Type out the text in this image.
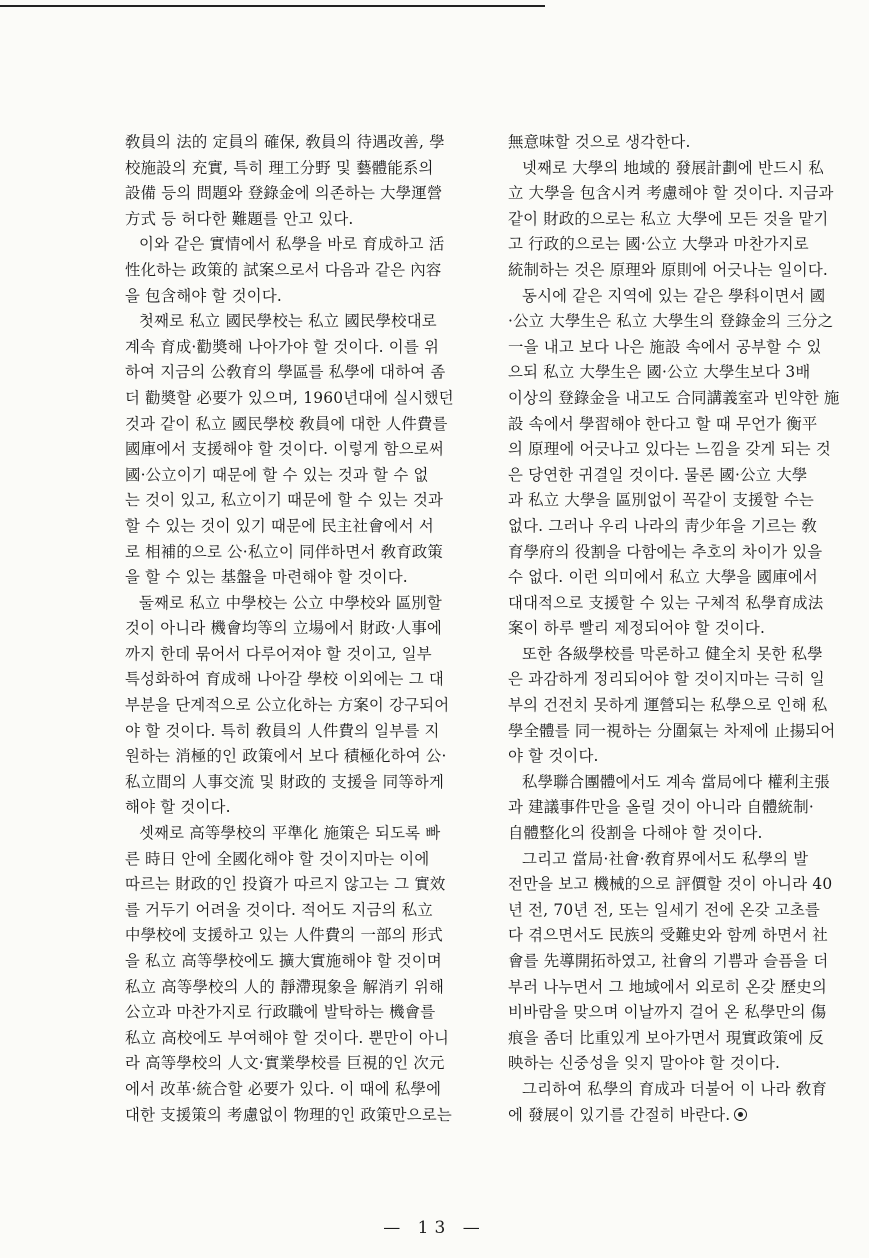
敎員의 法的 定員의 確保, 敎員의 待遇改善, 學
校施設의 充實, 특히 理工分野 및 藝體能系의
設備 등의 問題와 登錄金에 의존하는 大學運營
方式 등 허다한 難題를 안고 있다.
이와 같은 實情에서 私學을 바로 育成하고 活
性化하는 政策的 試案으로서 다음과 같은 內容
을 包含해야 할 것이다.
첫째로 私立 國民學校는 私立 國民學校대로
계속 育成·勸奬해 나아가야 할 것이다. 이를 위
하여 지금의 公敎育의 學區를 私學에 대하여 좀
더 勸奬할 必要가 있으며, 1960년대에 실시했던
것과 같이 私立 國民學校 敎員에 대한 人件費를
國庫에서 支援해야 할 것이다. 이렇게 함으로써
國·公立이기 때문에 할 수 있는 것과 할 수 없
는 것이 있고, 私立이기 때문에 할 수 있는 것과
할 수 있는 것이 있기 때문에 民主社會에서 서
로 相補的으로 公·私立이 同伴하면서 敎育政策
을 할 수 있는 基盤을 마련해야 할 것이다.
둘째로 私立 中學校는 公立 中學校와 區別할
것이 아니라 機會均等의 立場에서 財政·人事에
까지 한데 묶어서 다루어져야 할 것이고, 일부
특성화하여 育成해 나아갈 學校 이외에는 그 대
부분을 단계적으로 公立化하는 方案이 강구되어
야 할 것이다. 특히 敎員의 人件費의 일부를 지
원하는 消極的인 政策에서 보다 積極化하여 公·
私立間의 人事交流 및 財政的 支援을 同等하게
해야 할 것이다.
셋째로 高等學校의 平準化 施策은 되도록 빠
른 時日 안에 全國化해야 할 것이지마는 이에
따르는 財政的인 投資가 따르지 않고는 그 實效
를 거두기 어려울 것이다. 적어도 지금의 私立
中學校에 支援하고 있는 人件費의 一部의 形式
을 私立 高等學校에도 擴大實施해야 할 것이며
私立 高等學校의 人的 靜滯現象을 解消키 위해
公立과 마찬가지로 行政職에 발탁하는 機會를
私立 高校에도 부여해야 할 것이다. 뿐만이 아니
라 高等學校의 人文·實業學校를 巨視的인 次元
에서 改革·統合할 必要가 있다. 이 때에 私學에
대한 支援策의 考慮없이 物理的인 政策만으로는
無意味할 것으로 생각한다.
넷째로 大學의 地域的 發展計劃에 반드시 私
立 大學을 包含시켜 考慮해야 할 것이다. 지금과
같이 財政的으로는 私立 大學에 모든 것을 맡기
고 行政的으로는 國·公立 大學과 마찬가지로
統制하는 것은 原理와 原則에 어긋나는 일이다.
동시에 같은 지역에 있는 같은 學科이면서 國
·公立 大學生은 私立 大學生의 登錄金의 三分之
一을 내고 보다 나은 施設 속에서 공부할 수 있
으되 私立 大學生은 國·公立 大學生보다 3배
이상의 登錄金을 내고도 合同講義室과 빈약한 施
設 속에서 學習해야 한다고 할 때 무언가 衡平
의 原理에 어긋나고 있다는 느낌을 갖게 되는 것
은 당연한 귀결일 것이다. 물론 國·公立 大學
과 私立 大學을 區別없이 꼭같이 支援할 수는
없다. 그러나 우리 나라의 靑少年을 기르는 敎
育學府의 役割을 다함에는 추호의 차이가 있을
수 없다. 이런 의미에서 私立 大學을 國庫에서
대대적으로 支援할 수 있는 구체적 私學育成法
案이 하루 빨리 제정되어야 할 것이다.
또한 各級學校를 막론하고 健全치 못한 私學
은 과감하게 정리되어야 할 것이지마는 극히 일
부의 건전치 못하게 運營되는 私學으로 인해 私
學全體를 同一視하는 分圍氣는 차제에 止揚되어
야 할 것이다.
私學聯合團體에서도 계속 當局에다 權利主張
과 建議事件만을 올릴 것이 아니라 自體統制·
自體整化의 役割을 다해야 할 것이다.
그리고 當局·社會·敎育界에서도 私學의 발
전만을 보고 機械的으로 評價할 것이 아니라 40
년 전, 70년 전, 또는 일세기 전에 온갖 고초를
다 겪으면서도 民族의 受難史와 함께 하면서 社
會를 先導開拓하였고, 社會의 기쁨과 슬픔을 더
부러 나누면서 그 地域에서 외로히 온갖 歷史의
비바람을 맞으며 이날까지 걸어 온 私學만의 傷
痕을 좀더 比重있게 보아가면서 現實政策에 反
映하는 신중성을 잊지 말아야 할 것이다.
그리하여 私學의 育成과 더불어 이 나라 敎育
에 發展이 있기를 간절히 바란다.
— 13 —
